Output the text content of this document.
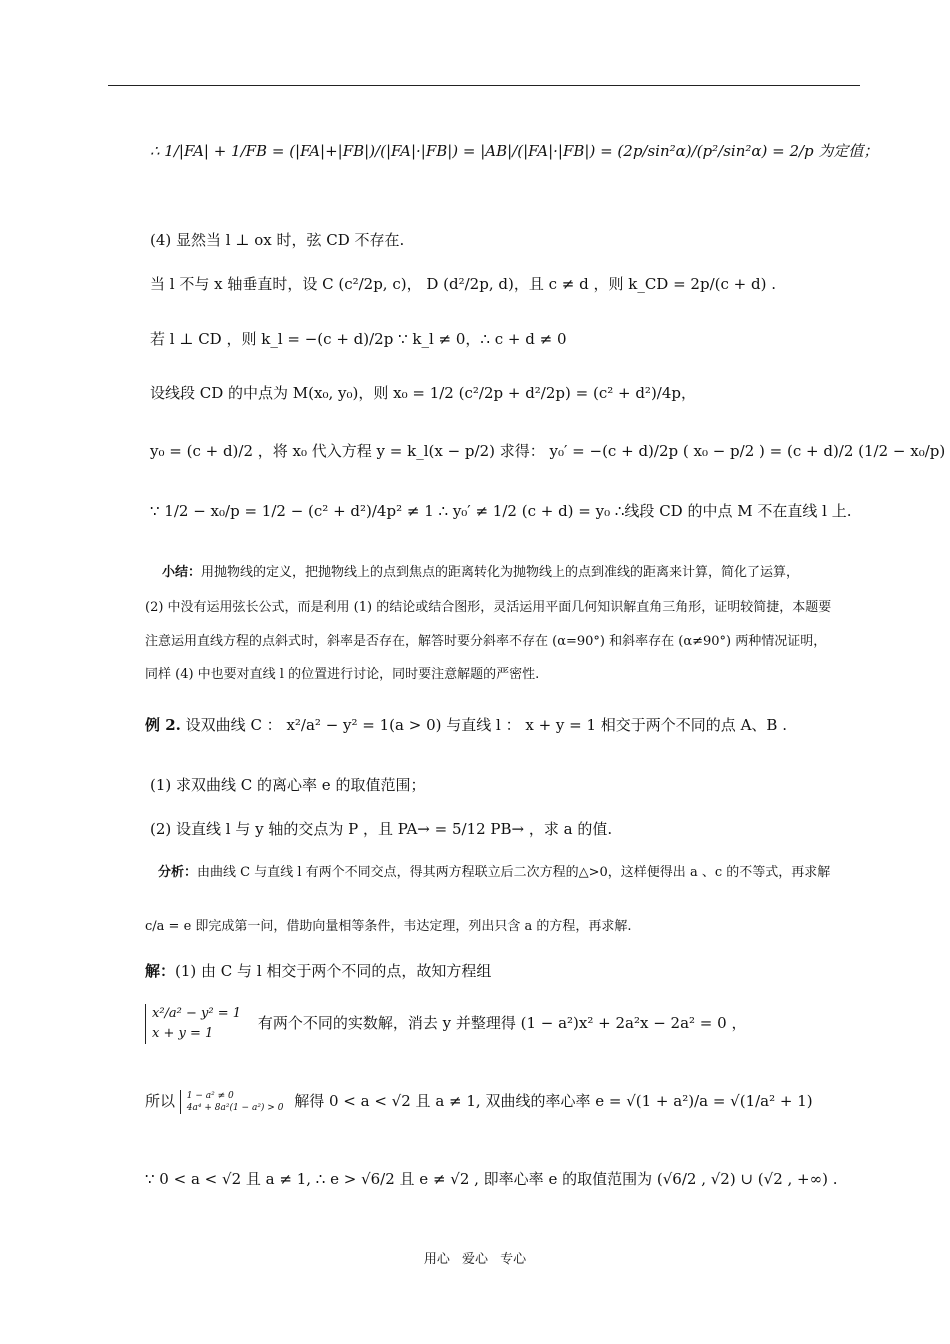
∴ 1/|FA| + 1/FB = (|FA|+|FB|)/(|FA|·|FB|) = |AB|/(|FA|·|FB|) = (2p/sin²α)/(p²/sin²α) = 2/p 为定值；
(4) 显然当 l ⊥ ox 时，弦 CD 不存在.
当 l 不与 x 轴垂直时，设 C (c²/2p, c)， D (d²/2p, d)，且 c ≠ d ，则 k_CD = 2p/(c + d) .
若 l ⊥ CD ，则 k_l = −(c + d)/2p ∵ k_l ≠ 0，∴ c + d ≠ 0
设线段 CD 的中点为 M(x₀, y₀)，则 x₀ = 1/2 (c²/2p + d²/2p) = (c² + d²)/4p，
y₀ = (c + d)/2 ，将 x₀ 代入方程 y = k_l(x − p/2) 求得： y₀′ = −(c + d)/2p ( x₀ − p/2 ) = (c + d)/2 (1/2 − x₀/p)
∵ 1/2 − x₀/p = 1/2 − (c² + d²)/4p² ≠ 1 ∴ y₀′ ≠ 1/2 (c + d) = y₀ ∴线段 CD 的中点 M 不在直线 l 上.
小结：用抛物线的定义，把抛物线上的点到焦点的距离转化为抛物线上的点到准线的距离来计算，简化了运算，
(2) 中没有运用弦长公式，而是利用 (1) 的结论或结合图形，灵活运用平面几何知识解直角三角形，证明较简捷，本题要
注意运用直线方程的点斜式时，斜率是否存在，解答时要分斜率不存在 (α=90°) 和斜率存在 (α≠90°) 两种情况证明，
同样 (4) 中也要对直线 l 的位置进行讨论，同时要注意解题的严密性.
例 2. 设双曲线 C ： x²/a² − y² = 1(a > 0) 与直线 l ： x + y = 1 相交于两个不同的点 A、B .
(1) 求双曲线 C 的离心率 e 的取值范围；
(2) 设直线 l 与 y 轴的交点为 P ，且 PA→ = 5/12 PB→ ，求 a 的值.
分析：由曲线 C 与直线 l 有两个不同交点，得其两方程联立后二次方程的△>0，这样便得出 a 、c 的不等式，再求解
c/a = e 即完成第一问，借助向量相等条件，韦达定理，列出只含 a 的方程，再求解.
解：(1) 由 C 与 l 相交于两个不同的点，故知方程组
x²/a² − y² = 1
x + y = 1
有两个不同的实数解，消去 y 并整理得 (1 − a²)x² + 2a²x − 2a² = 0 ，
所以 1 − a² ≠ 0
4a⁴ + 8a²(1 − a²) > 0 解得 0 < a < √2 且 a ≠ 1, 双曲线的率心率 e = √(1 + a²)/a = √(1/a² + 1)
∵ 0 < a < √2 且 a ≠ 1, ∴ e > √6/2 且 e ≠ √2 , 即率心率 e 的取值范围为 (√6/2 , √2) ∪ (√2 , +∞) .
用心 爱心 专心
